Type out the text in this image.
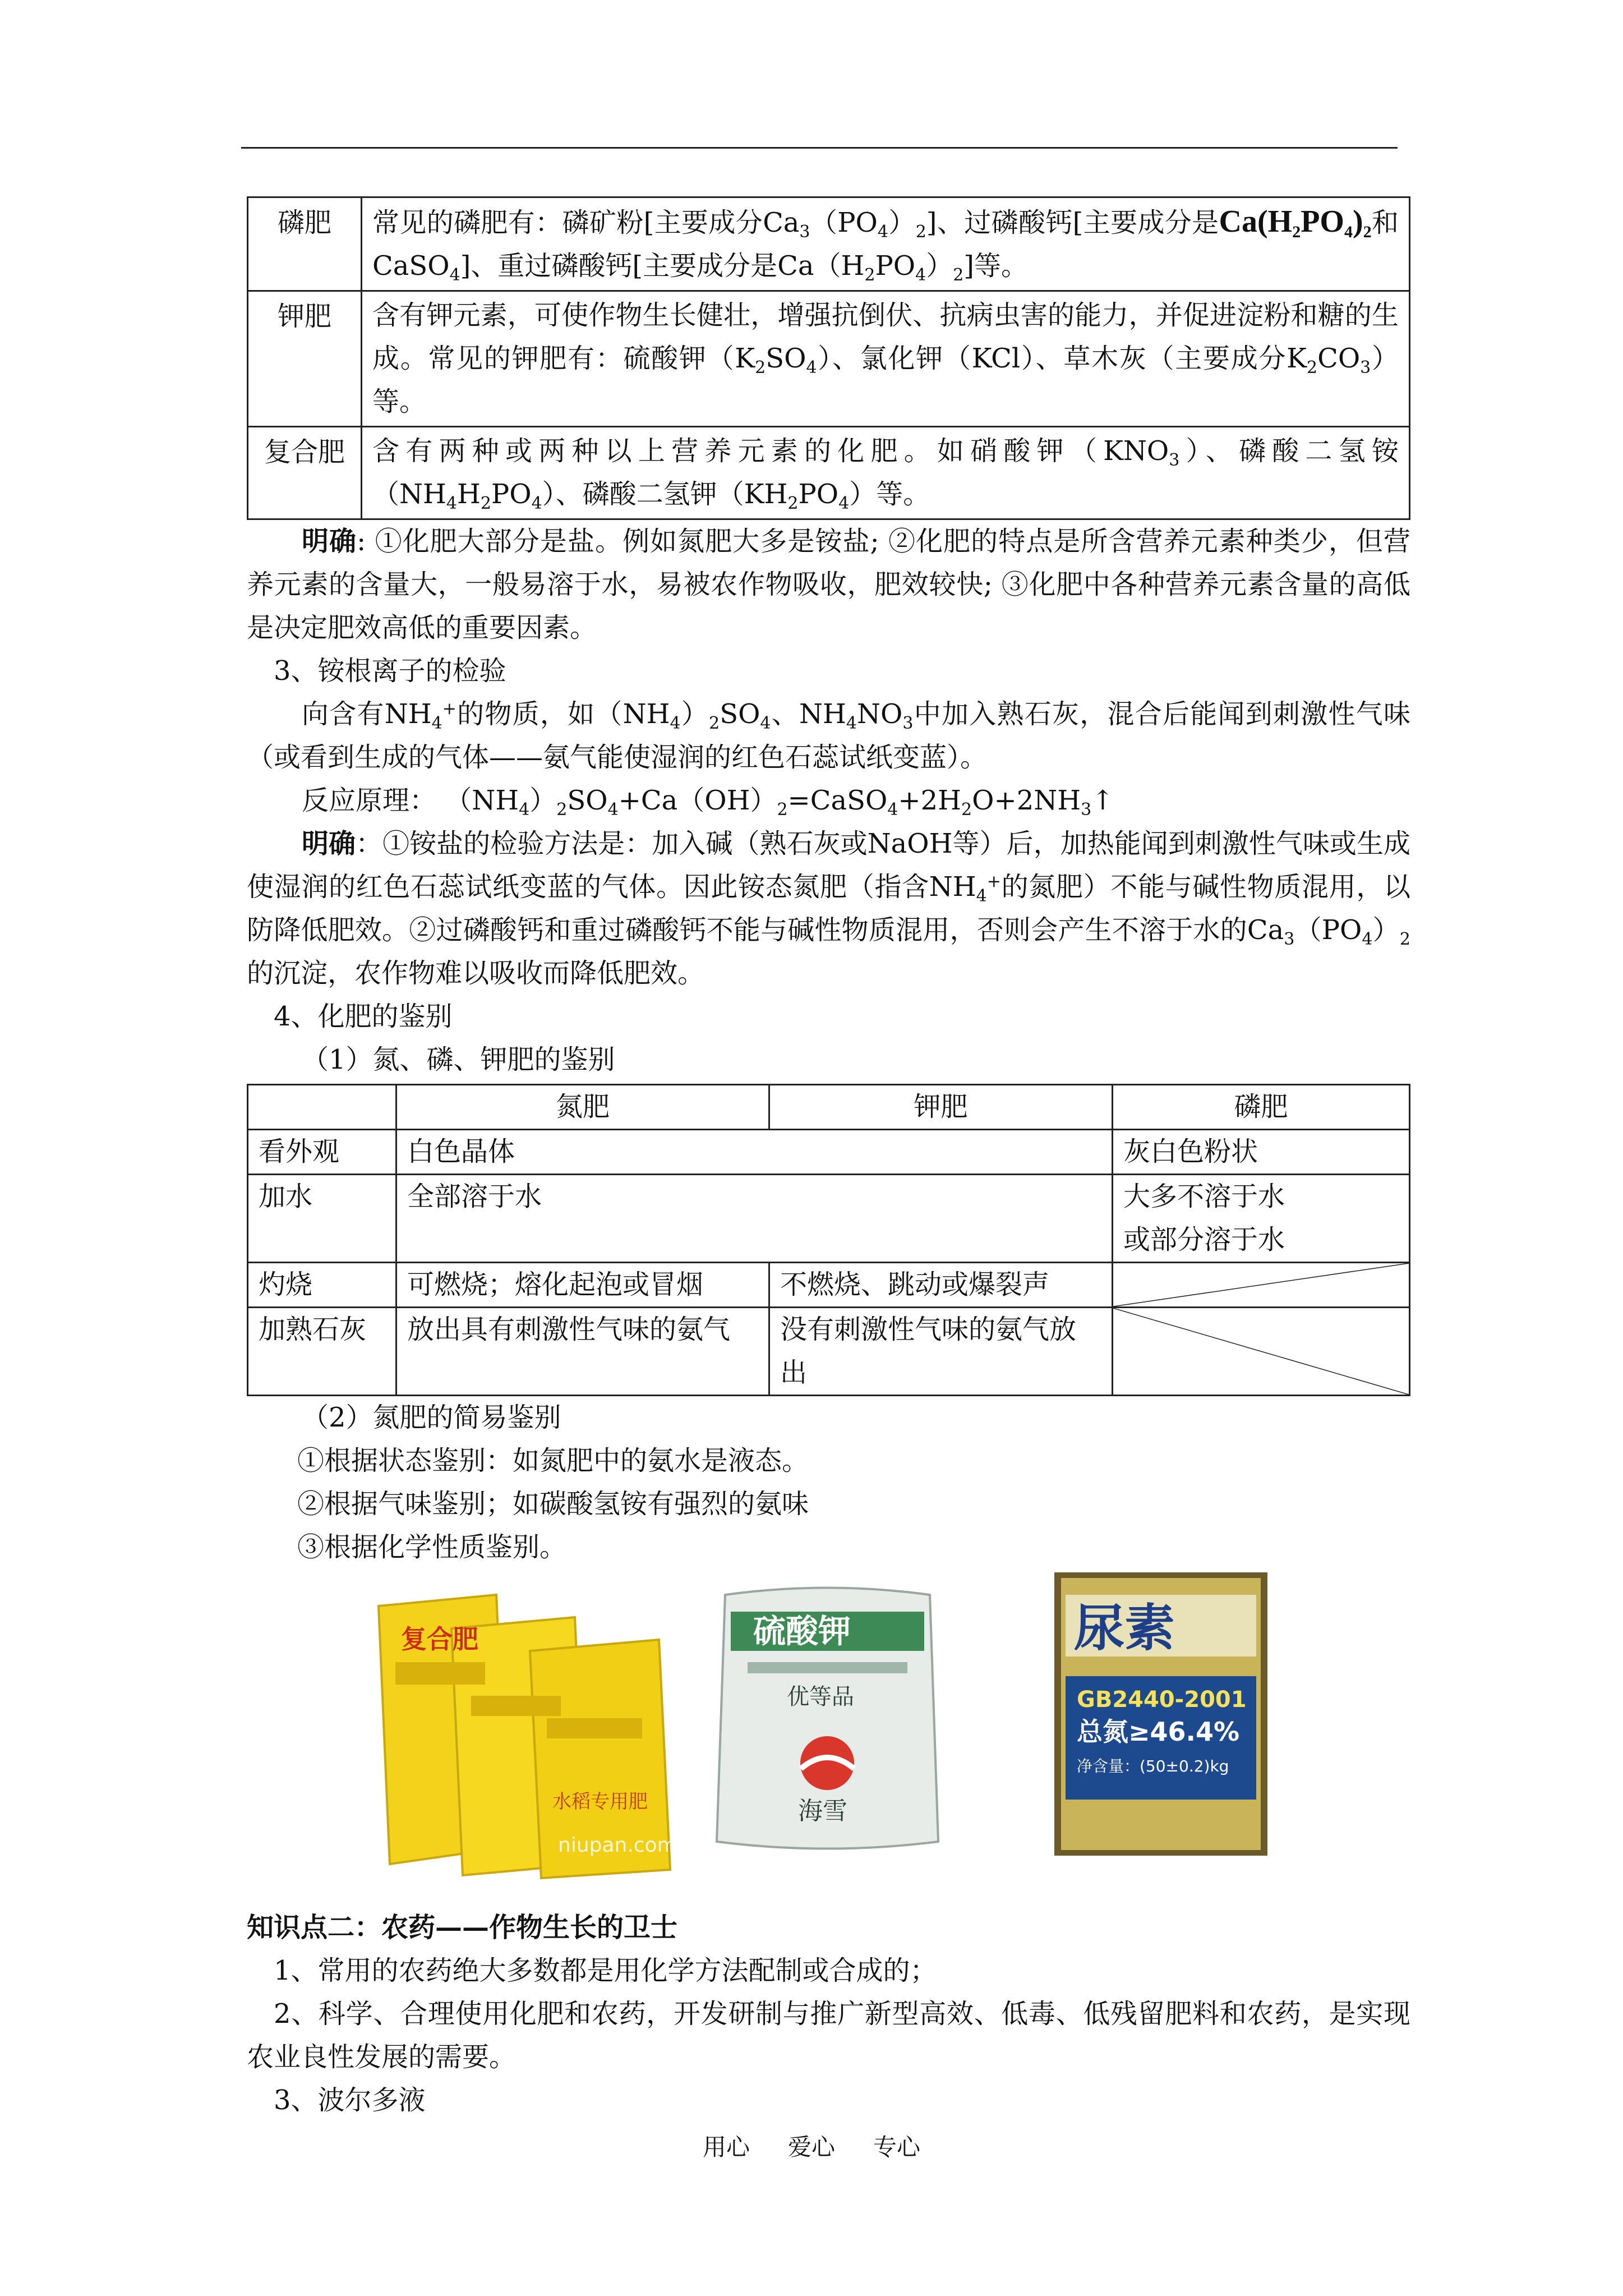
磷肥	常见的磷肥有：磷矿粉[主要成分$Ca_3(PO_4)_2$]、过磷酸钙[主要成分是$Ca(H_2PO_4)_2$和CaSO$_4$]、重过磷酸钙[主要成分是$Ca(H_2PO_4)_2$]等。
钾肥	含有钾元素，可使作物生长健壮，增强抗倒伏、抗病虫害的能力，并促进淀粉和糖的生成。常见的钾肥有：硫酸钾$(K_2SO_4)$、氯化钾（KCl）、草木灰（主要成分$K_2CO_3$）等。
复合肥	含有两种或两种以上营养元素的化肥。如硝酸钾$(KNO_3)$、磷酸二氢铵$(NH_4H_2PO_4)$、磷酸二氢钾$(KH_2PO_4)$等。

明确: ①化肥大部分是盐。例如氮肥大多是铵盐; ②化肥的特点是所含营养元素种类少，但营养元素的含量大，一般易溶于水，易被农作物吸收，肥效较快; ③化肥中各种营养元素含量的高低是决定肥效高低的重要因素。

3、铵根离子的检验

向含有$NH_4^+$的物质，如$(NH_4)_2SO_4$、$NH_4NO_3$中加入熟石灰，混合后能闻到刺激性气味（或看到生成的气体——氨气能使湿润的红色石蕊试纸变蓝）。

反应原理： $(NH_4)_2SO_4+Ca(OH)_2=CaSO_4+2H_2O+2NH_3↑$

明确：①铵盐的检验方法是：加入碱（熟石灰或NaOH等）后，加热能闻到刺激性气味或生成使湿润的红色石蕊试纸变蓝的气体。因此铵态氮肥（指含$NH_4^+$的氮肥）不能与碱性物质混用，以防降低肥效。②过磷酸钙和重过磷酸钙不能与碱性物质混用，否则会产生不溶于水的$Ca_3(PO_4)_2$的沉淀，农作物难以吸收而降低肥效。

4、化肥的鉴别

（1）氮、磷、钾肥的鉴别

	氮肥	钾肥	磷肥
看外观	白色晶体		灰白色粉状
加水	全部溶于水		大多不溶于水
或部分溶于水

灼烧	可燃烧；熔化起泡或冒烟	不燃烧、跳动或爆裂声	

加熟石灰	放出具有刺激性气味的氨气	没有刺激性气味的氨气放出	

（2）氮肥的简易鉴别

①根据状态鉴别：如氮肥中的氨水是液态。

②根据气味鉴别；如碳酸氢铵有强烈的氨味

③根据化学性质鉴别。

复合肥
水稻专用肥
niupan.com
硫酸钾
优等品
海雪
尿素
GB2440-2001
总氮≥46.4%
净含量：(50±0.2)kg

知识点二：农药——作物生长的卫士

1、常用的农药绝大多数都是用化学方法配制或合成的；

2、科学、合理使用化肥和农药，开发研制与推广新型高效、低毒、低残留肥料和农药，是实现农业良性发展的需要。

3、波尔多液

用心 爱心 专心
